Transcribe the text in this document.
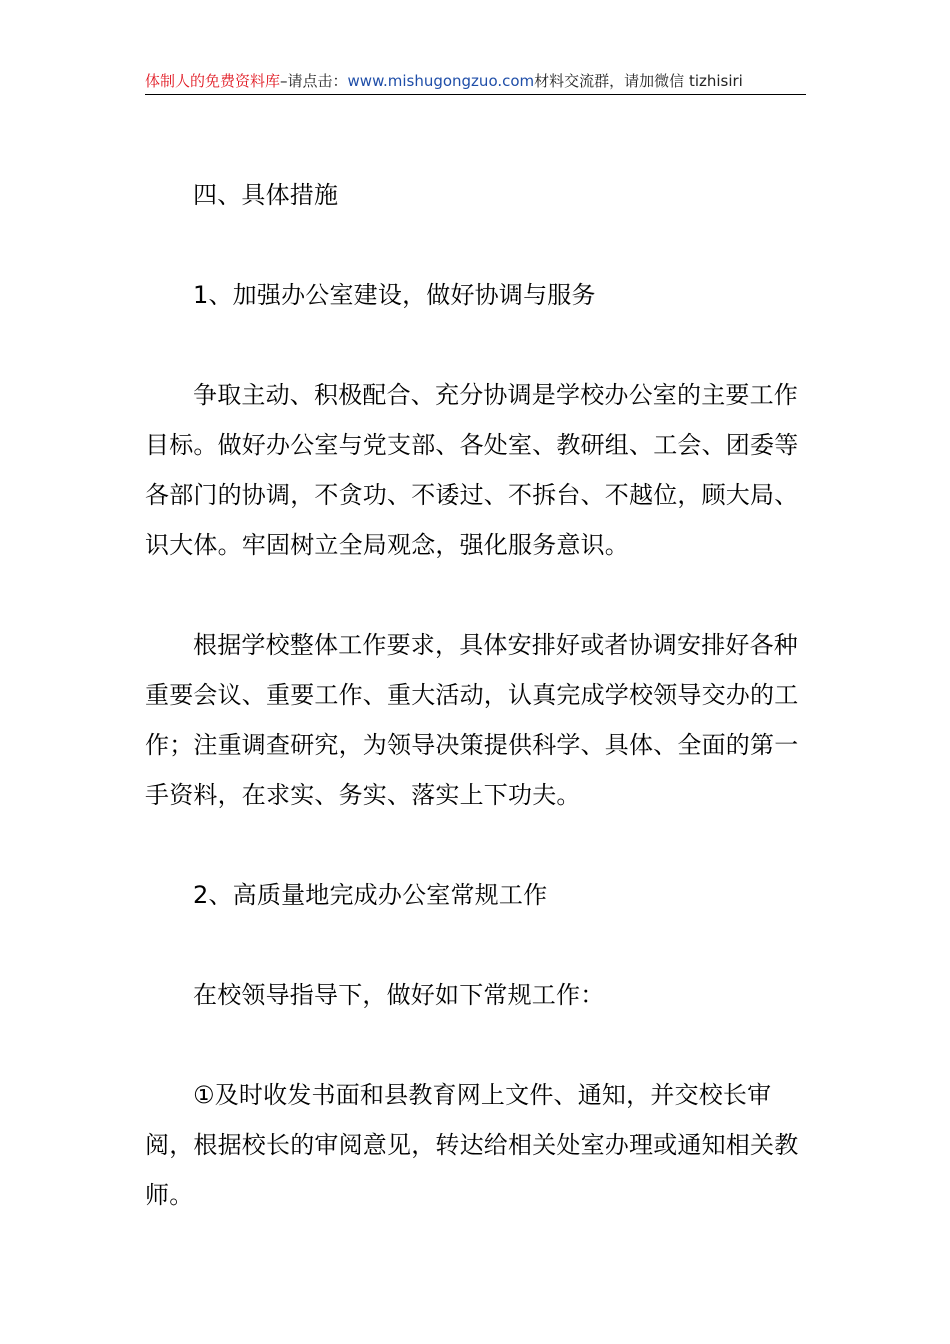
体制人的免费资料库–请点击：www.mishugongzuo.com材料交流群，请加微信 tizhisiri

四、具体措施

1、加强办公室建设，做好协调与服务

争取主动、积极配合、充分协调是学校办公室的主要工作目标。做好办公室与党支部、各处室、教研组、工会、团委等各部门的协调，不贪功、不诿过、不拆台、不越位，顾大局、识大体。牢固树立全局观念，强化服务意识。

根据学校整体工作要求，具体安排好或者协调安排好各种重要会议、重要工作、重大活动，认真完成学校领导交办的工作；注重调查研究，为领导决策提供科学、具体、全面的第一手资料，在求实、务实、落实上下功夫。

2、高质量地完成办公室常规工作

在校领导指导下，做好如下常规工作：

①及时收发书面和县教育网上文件、通知，并交校长审阅，根据校长的审阅意见，转达给相关处室办理或通知相关教师。
